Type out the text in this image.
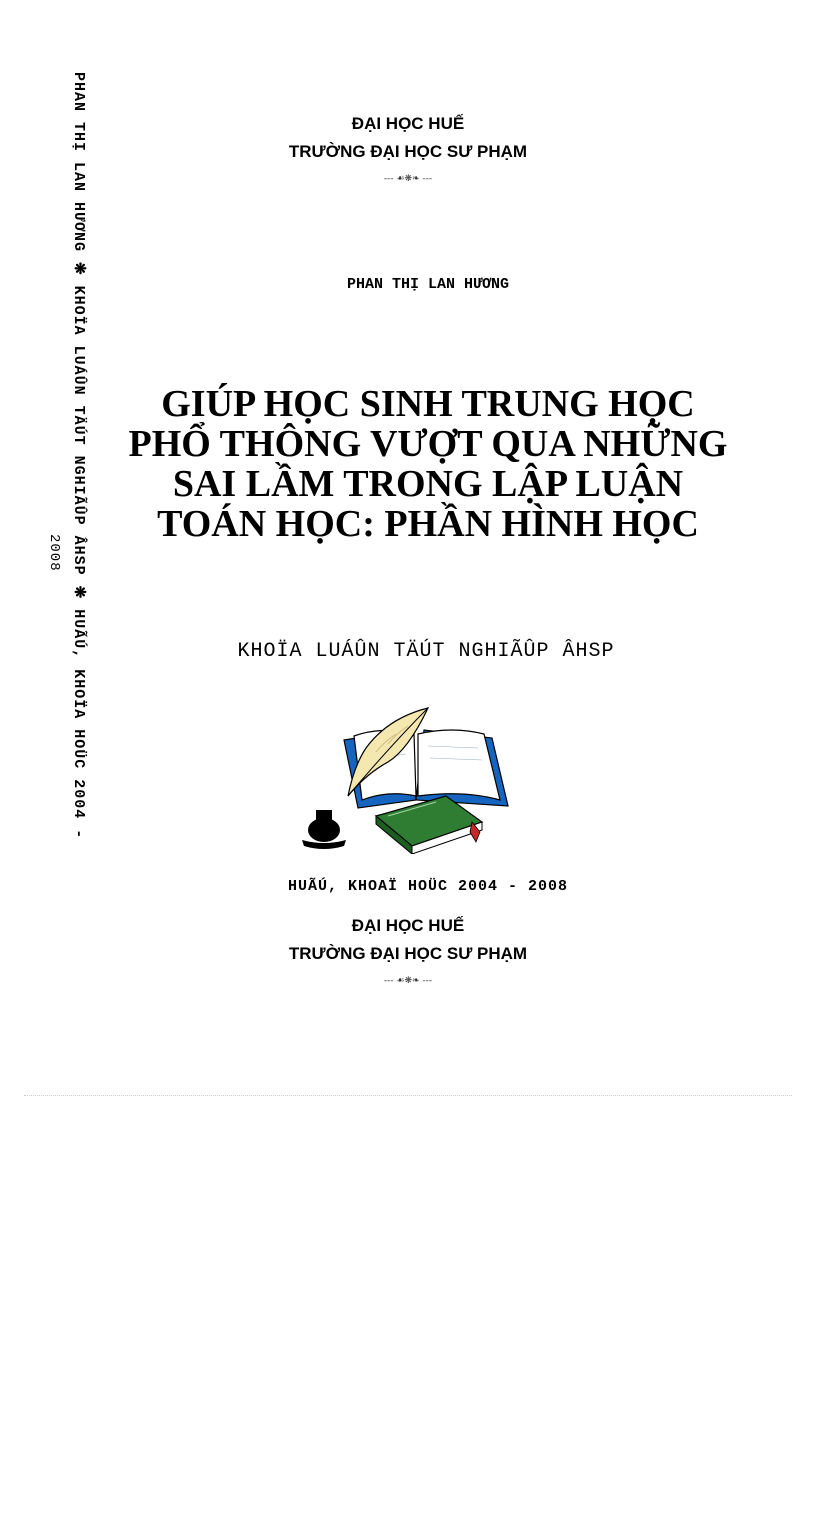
PHAN THỊ LAN HƯƠNG ❋ KHOÏA LUÁÛN TÄÚT NGHIÃÛP ÂHSP ❋ HUÃÚ, KHOÏA HOÜC 2004 -
2008
ĐẠI HỌC HUẾ
TRƯỜNG ĐẠI HỌC SƯ PHẠM
--- ☙❋❧ ---
PHAN THỊ LAN HƯƠNG
GIÚP HỌC SINH TRUNG HỌC
PHỔ THÔNG VƯỢT QUA NHỮNG
SAI LẦM TRONG LẬP LUẬN
TOÁN HỌC: PHẦN HÌNH HỌC
KHOÏA LUÁÛN TÄÚT NGHIÃÛP ÂHSP
HUÃÚ, KHOAÏ HOÜC 2004 - 2008
ĐẠI HỌC HUẾ
TRƯỜNG ĐẠI HỌC SƯ PHẠM
--- ☙❋❧ ---
